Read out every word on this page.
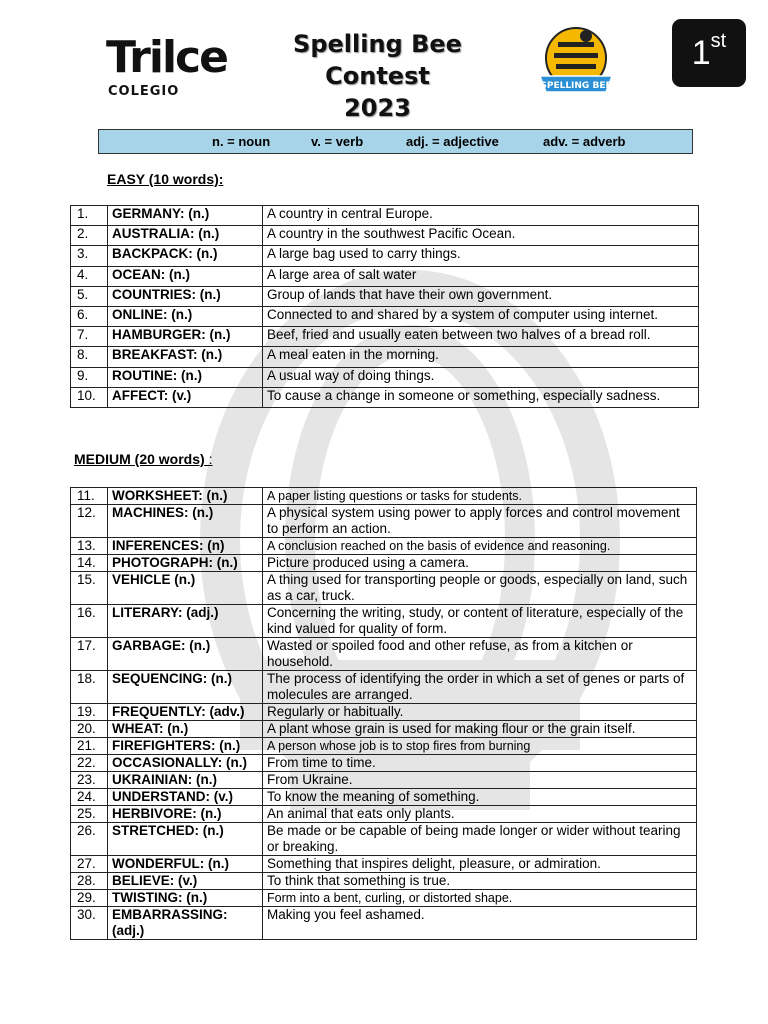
Trilce
COLEGIO
Spelling Bee Contest
2023
SPELLING BEE
1 st
n. = noun	v. = verb	adj. = adjective	adv. = adverb
EASY (10 words):
1.	GERMANY: (n.)	A country in central Europe.
2.	AUSTRALIA: (n.)	A country in the southwest Pacific Ocean.
3.	BACKPACK: (n.)	A large bag used to carry things.
4.	OCEAN: (n.)	A large area of salt water
5.	COUNTRIES: (n.)	Group of lands that have their own government.
6.	ONLINE: (n.)	Connected to and shared by a system of computer using internet.
7.	HAMBURGER: (n.)	Beef, fried and usually eaten between two halves of a bread roll.
8.	BREAKFAST: (n.)	A meal eaten in the morning.
9.	ROUTINE: (n.)	A usual way of doing things.
10.	AFFECT: (v.)	To cause a change in someone or something, especially sadness.
MEDIUM (20 words) :
11.	WORKSHEET: (n.)	A paper listing questions or tasks for students.
12.	MACHINES: (n.)	A physical system using power to apply forces and control movement to perform an action.
13.	INFERENCES: (n)	A conclusion reached on the basis of evidence and reasoning.
14.	PHOTOGRAPH: (n.)	Picture produced using a camera.
15.	VEHICLE (n.)	A thing used for transporting people or goods, especially on land, such as a car, truck.
16.	LITERARY: (adj.)	Concerning the writing, study, or content of literature, especially of the kind valued for quality of form.
17.	GARBAGE: (n.)	Wasted or spoiled food and other refuse, as from a kitchen or household.
18.	SEQUENCING: (n.)	The process of identifying the order in which a set of genes or parts of molecules are arranged.
19.	FREQUENTLY: (adv.)	Regularly or habitually.
20.	WHEAT: (n.)	A plant whose grain is used for making flour or the grain itself.
21.	FIREFIGHTERS: (n.)	A person whose job is to stop fires from burning
22.	OCCASIONALLY: (n.)	From time to time.
23.	UKRAINIAN: (n.)	From Ukraine.
24.	UNDERSTAND: (v.)	To know the meaning of something.
25.	HERBIVORE: (n.)	An animal that eats only plants.
26.	STRETCHED: (n.)	Be made or be capable of being made longer or wider without tearing or breaking.
27.	WONDERFUL: (n.)	Something that inspires delight, pleasure, or admiration.
28.	BELIEVE: (v.)	To think that something is true.
29.	TWISTING: (n.)	Form into a bent, curling, or distorted shape.
30.	EMBARRASSING: (adj.)	Making you feel ashamed.
